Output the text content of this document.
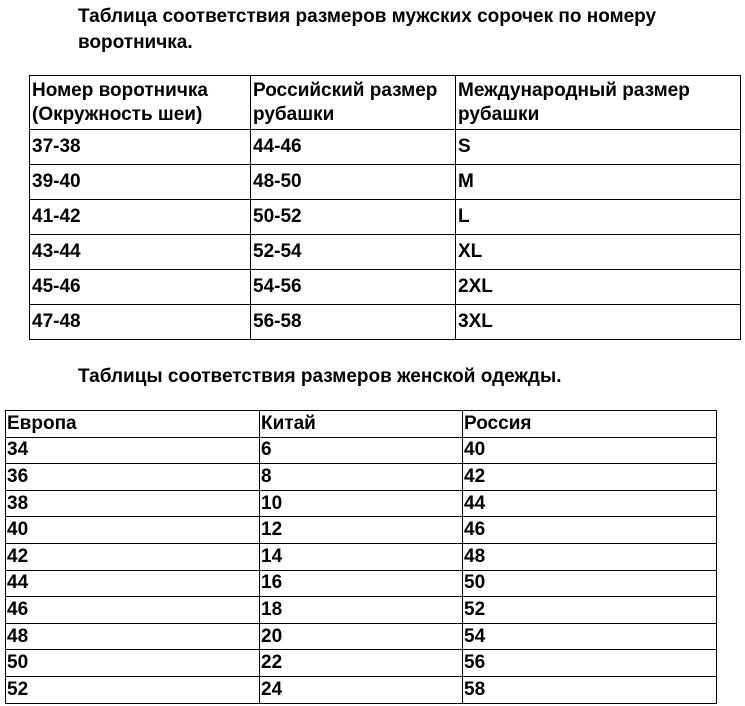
Таблица соответствия размеров мужских сорочек по номеру воротничка.
Номер воротничка (Окружность шеи)	Российский размер рубашки	Международный размер рубашки
37-38	44-46	S
39-40	48-50	M
41-42	50-52	L
43-44	52-54	XL
45-46	54-56	2XL
47-48	56-58	3XL
Таблицы соответствия размеров женской одежды.
Европа	Китай	Россия
34	6	40
36	8	42
38	10	44
40	12	46
42	14	48
44	16	50
46	18	52
48	20	54
50	22	56
52	24	58
